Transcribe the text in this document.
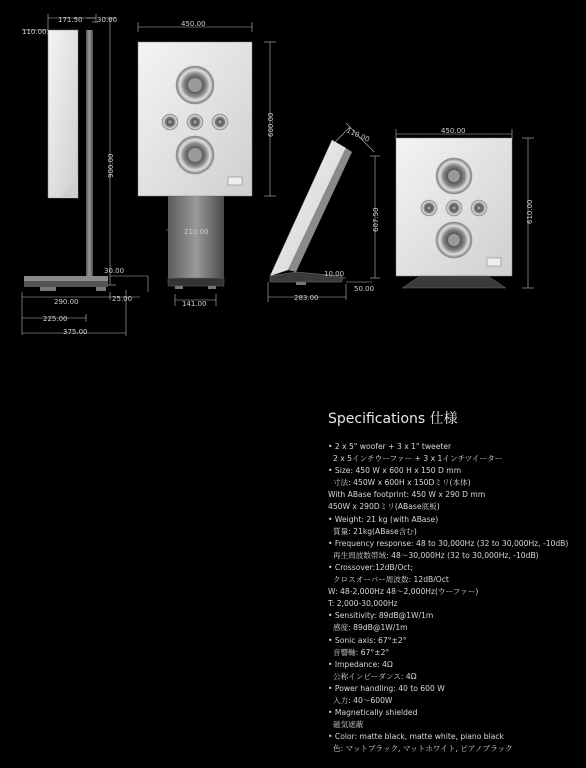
171.50 30.00
110.00
900.00
30.00
290.00	25.00
225.00
375.00
450.00
600.00
210.00
141.00
110.00
607.50
10.00
283.00
50.00
450.00
610.00
Specifications 仕様
• 2 x 5" woofer + 3 x 1" tweeter
2 x 5インチウーファー + 3 x 1インチツイーター
• Size: 450 W x 600 H x 150 D mm
寸法: 450W x 600H x 150Dミリ(本体)
With ABase footprint: 450 W x 290 D mm
450W x 290Dミリ(ABase底板)
• Weight: 21 kg (with ABase)
質量: 21kg(ABase含む)
• Frequency response: 48 to 30,000Hz (32 to 30,000Hz, -10dB)
再生周波数帯域: 48～30,000Hz (32 to 30,000Hz, -10dB)
• Crossover:12dB/Oct;
クロスオーバー周波数: 12dB/Oct
W: 48-2,000Hz 48～2,000Hz(ウーファー)
T: 2,000-30,000Hz
• Sensitivity: 89dB@1W/1m
感度: 89dB@1W/1m
• Sonic axis: 67°±2°
音響軸: 67°±2°
• Impedance: 4Ω
公称インピーダンス: 4Ω
• Power handling: 40 to 600 W
入力: 40～600W
• Magnetically shielded
磁気遮蔽
• Color: matte black, matte white, piano black
色: マットブラック, マットホワイト, ピアノブラック
